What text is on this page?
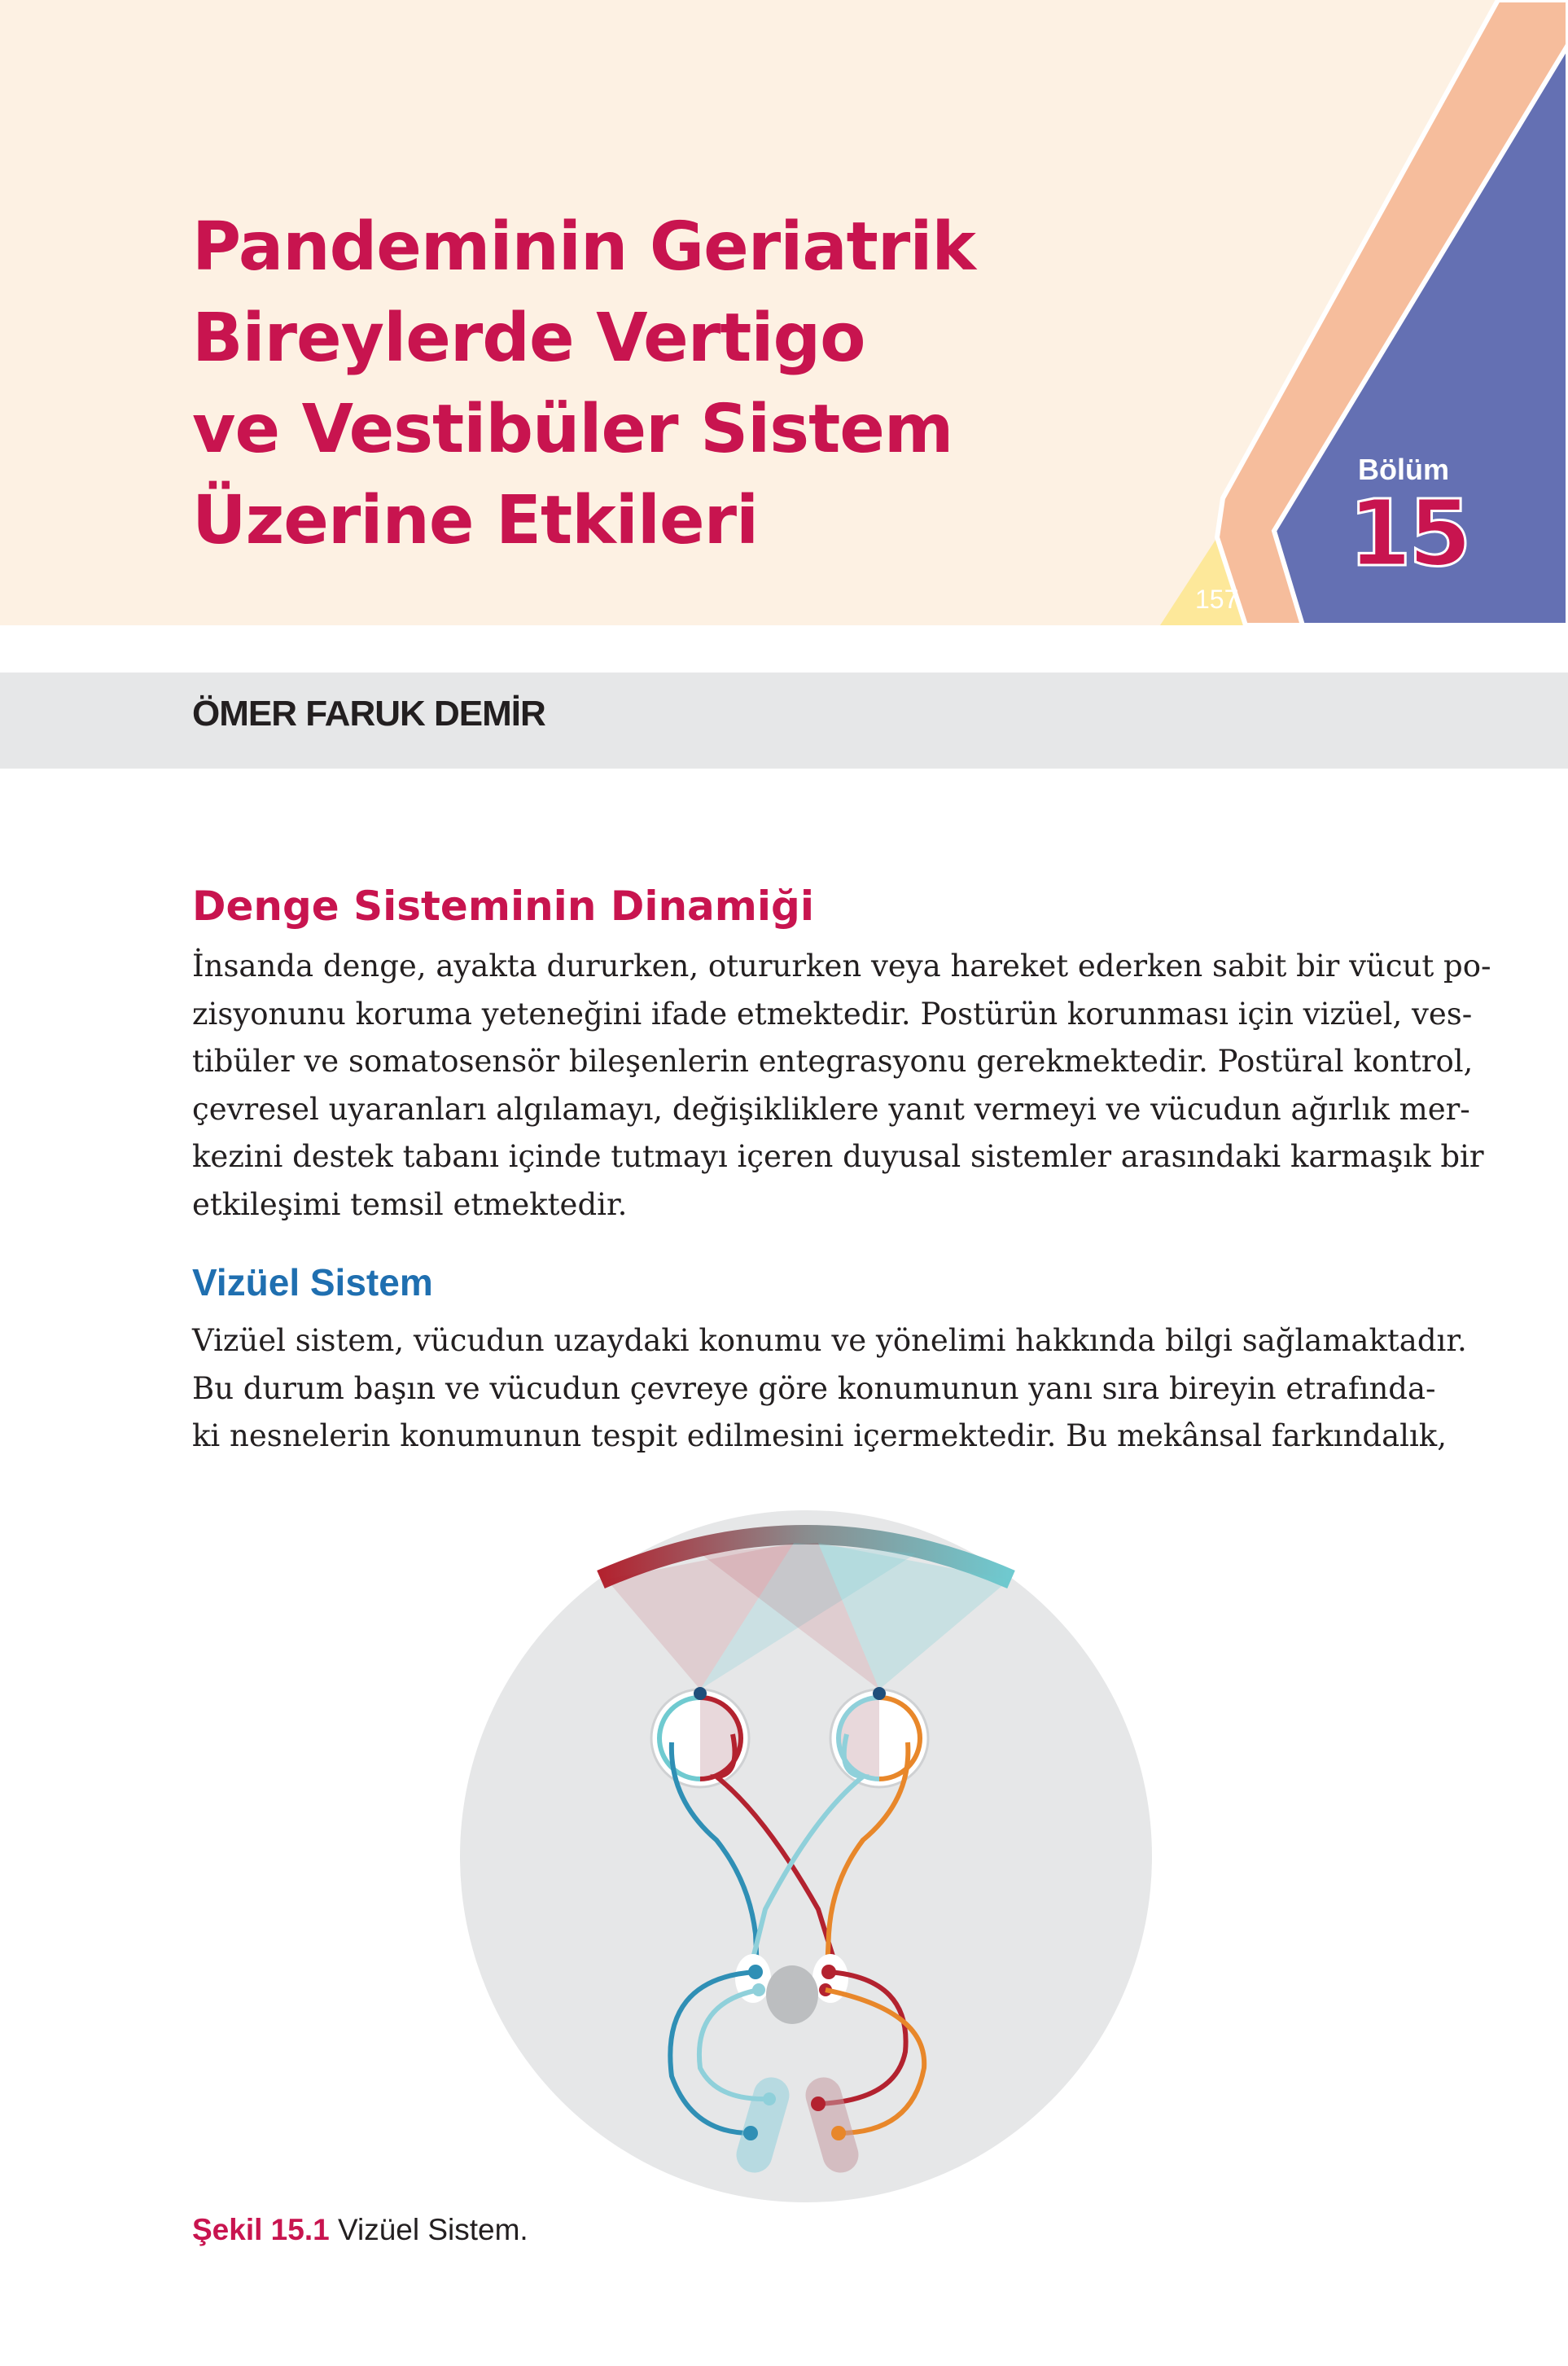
Pandeminin Geriatrik
Bireylerde Vertigo
ve Vestibüler Sistem
Üzerine Etkileri
Bölüm
15
157
ÖMER FARUK DEMİR
Denge Sisteminin Dinamiği

İnsanda denge, ayakta dururken, otururken veya hareket ederken sabit bir vücut po-
zisyonunu koruma yeteneğini ifade etmektedir. Postürün korunması için vizüel, ves-
tibüler ve somatosensör bileşenlerin entegrasyonu gerekmektedir. Postüral kontrol,
çevresel uyaranları algılamayı, değişikliklere yanıt vermeyi ve vücudun ağırlık mer-
kezini destek tabanı içinde tutmayı içeren duyusal sistemler arasındaki karmaşık bir
etkileşimi temsil etmektedir.

Vizüel Sistem

Vizüel sistem, vücudun uzaydaki konumu ve yönelimi hakkında bilgi sağlamaktadır.
Bu durum başın ve vücudun çevreye göre konumunun yanı sıra bireyin etrafında-
ki nesnelerin konumunun tespit edilmesini içermektedir. Bu mekânsal farkındalık,

Şekil 15.1 Vizüel Sistem.
